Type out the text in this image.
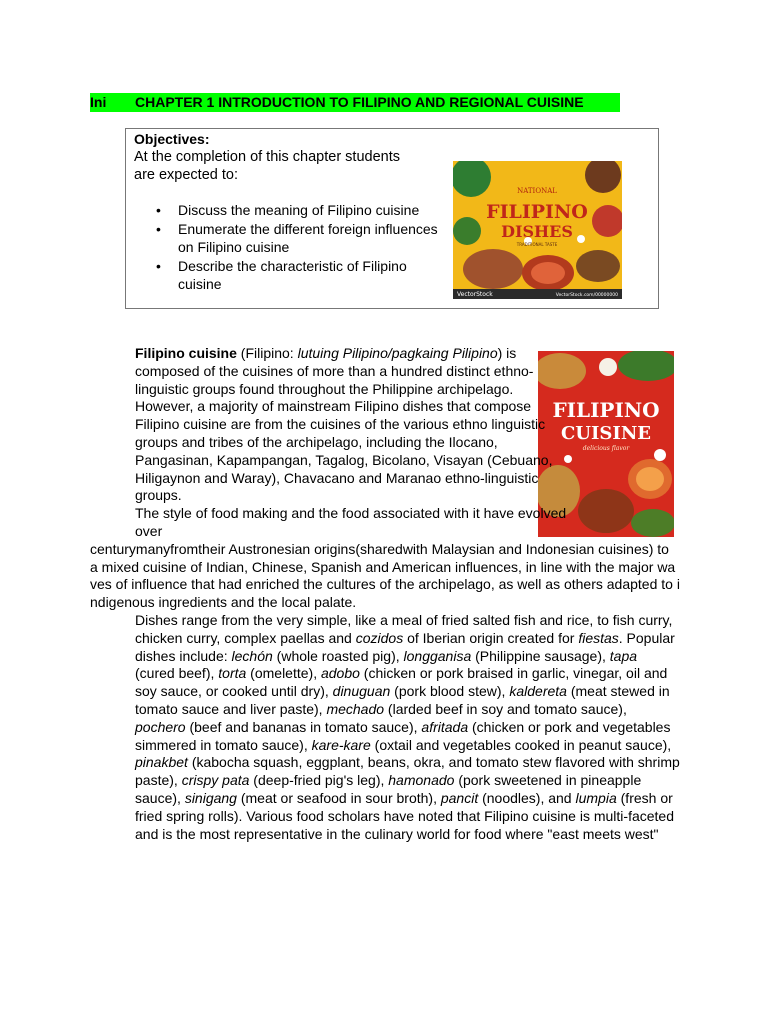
Ini CHAPTER 1 INTRODUCTION TO FILIPINO AND REGIONAL CUISINE
Objectives:
At the completion of this chapter students are expected to:
• Discuss the meaning of Filipino cuisine
• Enumerate the different foreign influences on Filipino cuisine
• Describe the characteristic of Filipino cuisine
NATIONAL
FILIPINO
DISHES
TRADITIONAL TASTE
VectorStock	VectorStock.com/00000000
FILIPINO
CUISINE
delicious flavor

Filipino cuisine (Filipino: lutuing Pilipino/pagkaing Pilipino) is composed of the cuisines of more than a hundred distinct ethno-linguistic groups found throughout the Philippine archipelago. However, a majority of mainstream Filipino dishes that compose Filipino cuisine are from the cuisines of the various ethno linguistic groups and tribes of the archipelago, including the Ilocano, Pangasinan, Kapampangan, Tagalog, Bicolano, Visayan (Cebuano, Hiligaynon and Waray), Chavacano and Maranao ethno-linguistic groups.

The style of food making and the food associated with it have evolved over
centurymanyfromtheir Austronesian origins(sharedwith Malaysian and Indonesian cuisines) to a mixed cuisine of Indian, Chinese, Spanish and American influences, in line with the major waves of influence that had enriched the cultures of the archipelago, as well as others adapted to indigenous ingredients and the local palate.

Dishes range from the very simple, like a meal of fried salted fish and rice, to fish curry, chicken curry, complex paellas and cozidos of Iberian origin created for fiestas. Popular dishes include: lechón (whole roasted pig), longganisa (Philippine sausage), tapa (cured beef), torta (omelette), adobo (chicken or pork braised in garlic, vinegar, oil and soy sauce, or cooked until dry), dinuguan (pork blood stew), kaldereta (meat stewed in tomato sauce and liver paste), mechado (larded beef in soy and tomato sauce), pochero (beef and bananas in tomato sauce), afritada (chicken or pork and vegetables simmered in tomato sauce), kare-kare (oxtail and vegetables cooked in peanut sauce), pinakbet (kabocha squash, eggplant, beans, okra, and tomato stew flavored with shrimp paste), crispy pata (deep-fried pig's leg), hamonado (pork sweetened in pineapple sauce), sinigang (meat or seafood in sour broth), pancit (noodles), and lumpia (fresh or fried spring rolls). Various food scholars have noted that Filipino cuisine is multi-faceted and is the most representative in the culinary world for food where "east meets west"
